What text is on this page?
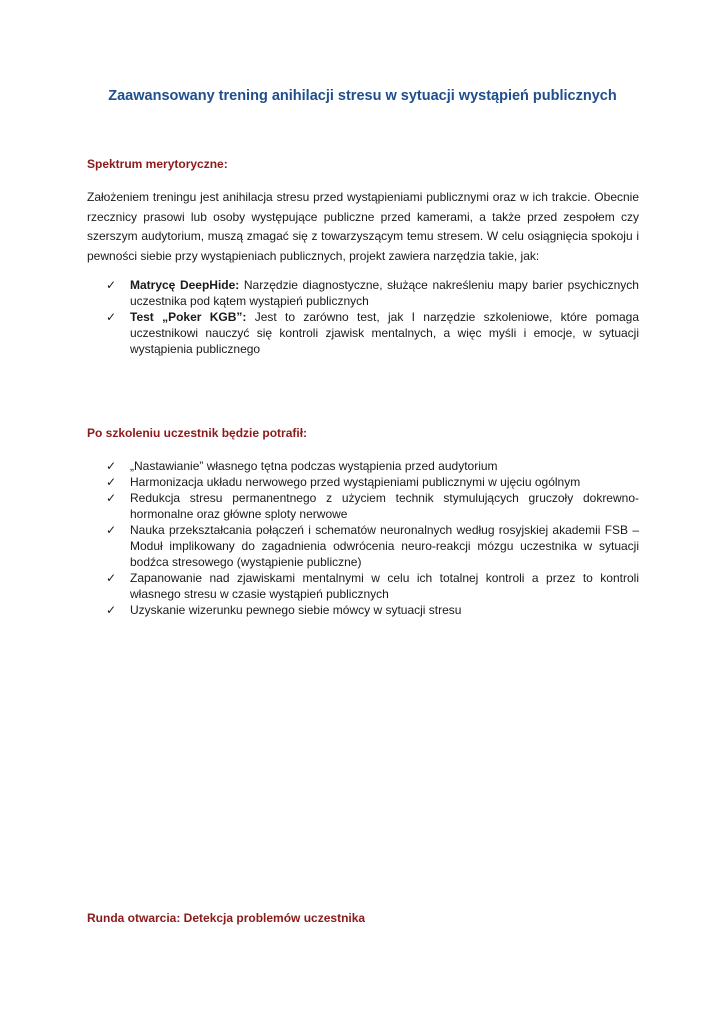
Zaawansowany trening anihilacji stresu w sytuacji wystąpień publicznych
Spektrum merytoryczne:

Założeniem treningu jest anihilacja stresu przed wystąpieniami publicznymi oraz w ich trakcie. Obecnie rzecznicy prasowi lub osoby występujące publiczne przed kamerami, a także przed zespołem czy szerszym audytorium, muszą zmagać się z towarzyszącym temu stresem. W celu osiągnięcia spokoju i pewności siebie przy wystąpieniach publicznych, projekt zawiera narzędzia takie, jak:

✓ Matrycę DeepHide: Narzędzie diagnostyczne, służące nakreśleniu mapy barier psychicznych uczestnika pod kątem wystąpień publicznych
✓ Test „Poker KGB”: Jest to zarówno test, jak I narzędzie szkoleniowe, które pomaga uczestnikowi nauczyć się kontroli zjawisk mentalnych, a więc myśli i emocje, w sytuacji wystąpienia publicznego
Po szkoleniu uczestnik będzie potrafił:
✓ „Nastawianie” własnego tętna podczas wystąpienia przed audytorium
✓ Harmonizacja układu nerwowego przed wystąpieniami publicznymi w ujęciu ogólnym
✓ Redukcja stresu permanentnego z użyciem technik stymulujących gruczoły dokrewno-hormonalne oraz główne sploty nerwowe
✓ Nauka przekształcania połączeń i schematów neuronalnych według rosyjskiej akademii FSB – Moduł implikowany do zagadnienia odwrócenia neuro-reakcji mózgu uczestnika w sytuacji bodźca stresowego (wystąpienie publiczne)
✓ Zapanowanie nad zjawiskami mentalnymi w celu ich totalnej kontroli a przez to kontroli własnego stresu w czasie wystąpień publicznych
✓ Uzyskanie wizerunku pewnego siebie mówcy w sytuacji stresu
Runda otwarcia: Detekcja problemów uczestnika
